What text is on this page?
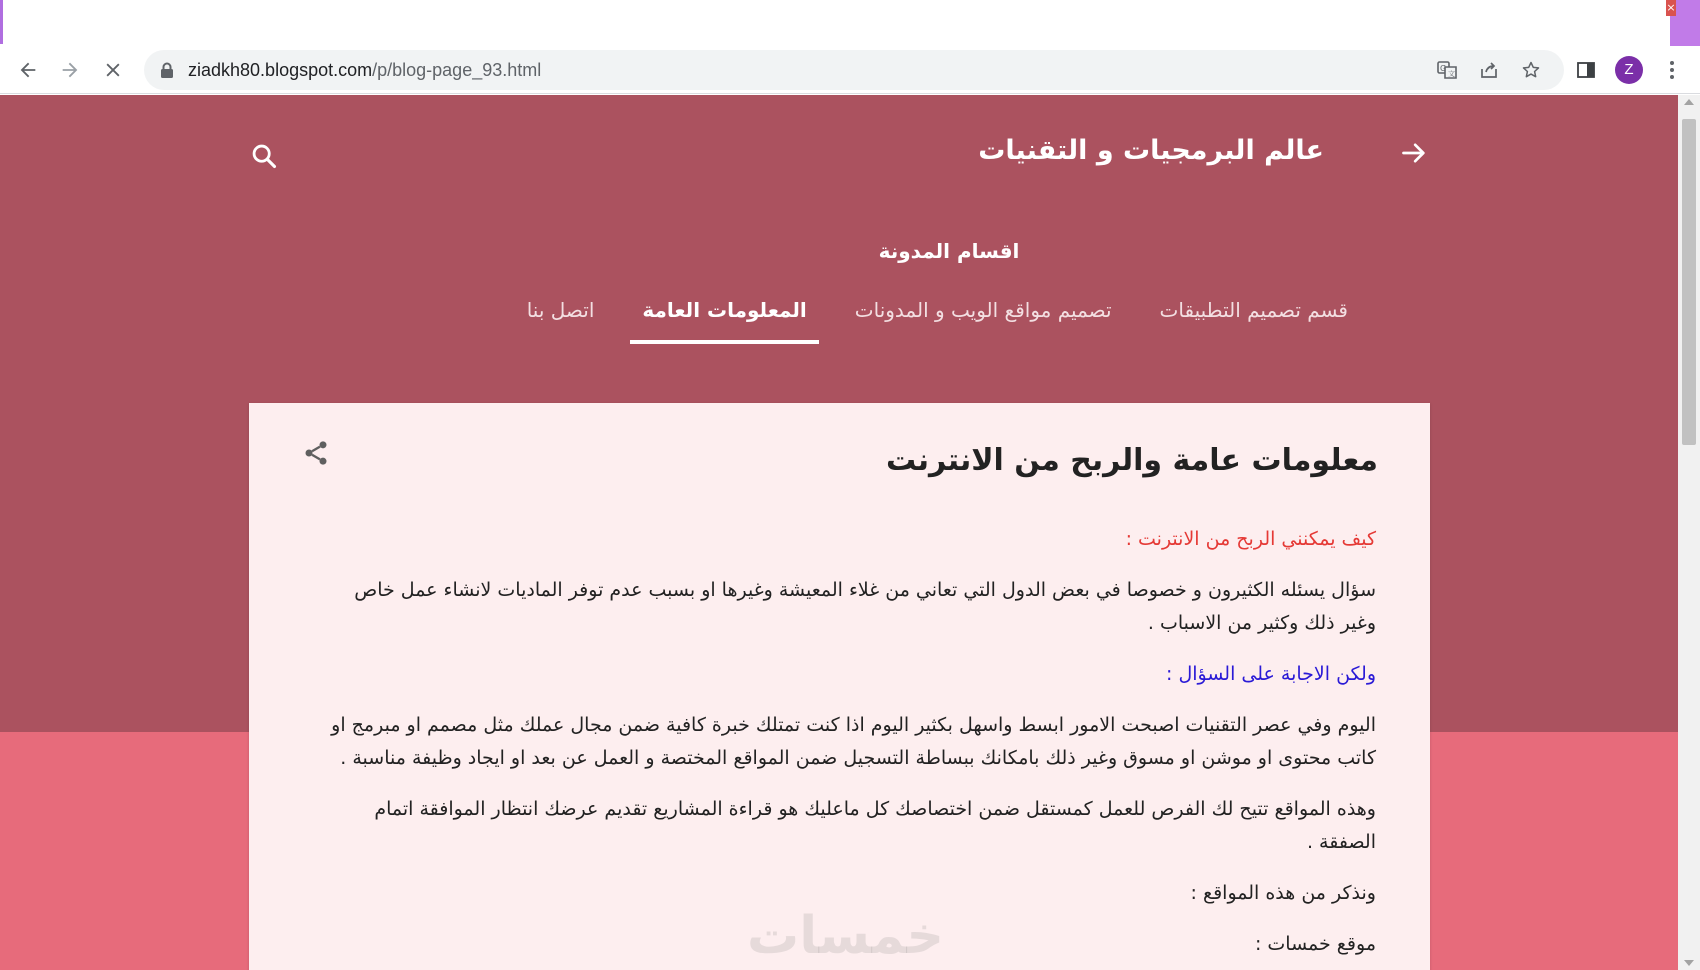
×
ziadkh80.blogspot.com/p/blog-page_93.html	G
文	Z
عالم البرمجيات و التقنيات
اقسام المدونة
قسم تصميم التطبيقات
تصميم مواقع الويب و المدونات
المعلومات العامة
اتصل بنا
معلومات عامة والربح من الانترنت

كيف يمكنني الربح من الانترنت :

سؤال يسئله الكثيرون و خصوصا في بعض الدول التي تعاني من غلاء المعيشة وغيرها او بسبب عدم توفر الماديات لانشاء عمل خاص وغير ذلك وكثير من الاسباب .

ولكن الاجابة على السؤال :

اليوم وفي عصر التقنيات اصبحت الامور ابسط واسهل بكثير اليوم اذا كنت تمتلك خبرة كافية ضمن مجال عملك مثل مصمم او مبرمج او كاتب محتوى او موشن او مسوق وغير ذلك بامكانك ببساطة التسجيل ضمن المواقع المختصة و العمل عن بعد او ايجاد وظيفة مناسبة .

وهذه المواقع تتيح لك الفرص للعمل كمستقل ضمن اختصاصك كل ماعليك هو قراءة المشاريع تقديم عرضك انتظار الموافقة اتمام الصفقة .

ونذكر من هذه المواقع :

موقع خمسات :

خمسات
